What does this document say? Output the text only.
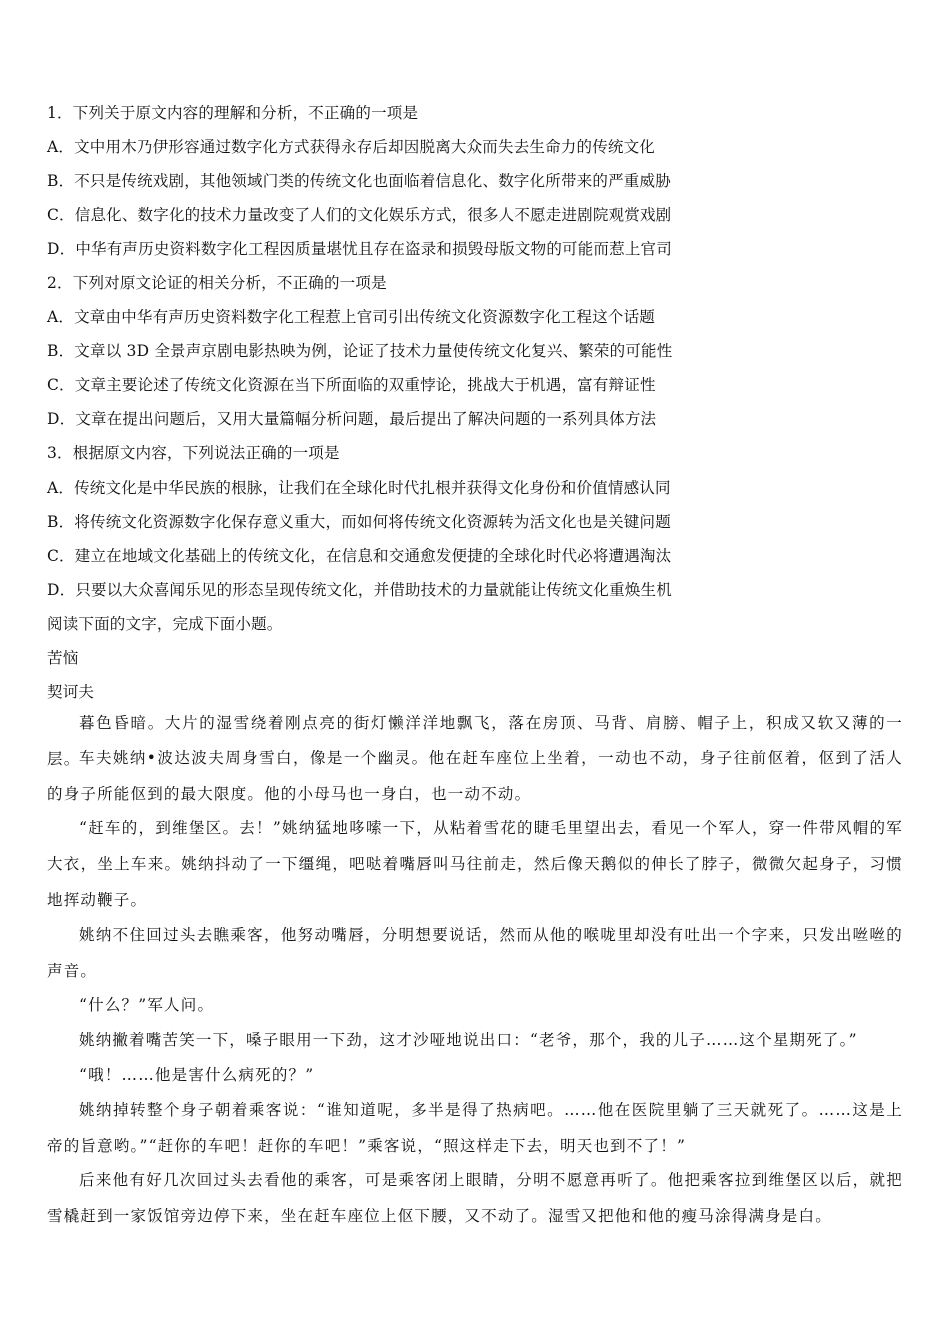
1．下列关于原文内容的理解和分析，不正确的一项是
A．文中用木乃伊形容通过数字化方式获得永存后却因脱离大众而失去生命力的传统文化
B．不只是传统戏剧，其他领域门类的传统文化也面临着信息化、数字化所带来的严重威胁
C．信息化、数字化的技术力量改变了人们的文化娱乐方式，很多人不愿走进剧院观赏戏剧
D．中华有声历史资料数字化工程因质量堪忧且存在盗录和损毁母版文物的可能而惹上官司
2．下列对原文论证的相关分析，不正确的一项是
A．文章由中华有声历史资料数字化工程惹上官司引出传统文化资源数字化工程这个话题
B．文章以 3D 全景声京剧电影热映为例，论证了技术力量使传统文化复兴、繁荣的可能性
C．文章主要论述了传统文化资源在当下所面临的双重悖论，挑战大于机遇，富有辩证性
D．文章在提出问题后，又用大量篇幅分析问题，最后提出了解决问题的一系列具体方法
3．根据原文内容，下列说法正确的一项是
A．传统文化是中华民族的根脉，让我们在全球化时代扎根并获得文化身份和价值情感认同
B．将传统文化资源数字化保存意义重大，而如何将传统文化资源转为活文化也是关键问题
C．建立在地域文化基础上的传统文化，在信息和交通愈发便捷的全球化时代必将遭遇淘汰
D．只要以大众喜闻乐见的形态呈现传统文化，并借助技术的力量就能让传统文化重焕生机
阅读下面的文字，完成下面小题。
苦恼
契诃夫

暮色昏暗。大片的湿雪绕着刚点亮的街灯懒洋洋地飘飞，落在房顶、马背、肩膀、帽子上，积成又软又薄的一层。

车夫姚纳•波达波夫周身雪白，像是一个幽灵。他在赶车座位上坐着，一动也不动，身子往前伛着，伛到了活人的身子所能伛到的最大限度。他的小母马也一身白，也一动不动。

“赶车的，到维堡区。去！”姚纳猛地哆嗦一下，从粘着雪花的睫毛里望出去，看见一个军人，穿一件带风帽的军大衣，坐上车来。姚纳抖动了一下缰绳，吧哒着嘴唇叫马往前走，然后像天鹅似的伸长了脖子，微微欠起身子，习惯地挥动鞭子。

姚纳不住回过头去瞧乘客，他努动嘴唇，分明想要说话，然而从他的喉咙里却没有吐出一个字来，只发出咝咝的声音。

“什么？”军人问。

姚纳撇着嘴苦笑一下，嗓子眼用一下劲，这才沙哑地说出口：“老爷，那个，我的儿子……这个星期死了。”

“哦！……他是害什么病死的？”

姚纳掉转整个身子朝着乘客说：“谁知道呢，多半是得了热病吧。……他在医院里躺了三天就死了。……这是上帝的旨意哟。”“赶你的车吧！赶你的车吧！”乘客说，“照这样走下去，明天也到不了！”

后来他有好几次回过头去看他的乘客，可是乘客闭上眼睛，分明不愿意再听了。他把乘客拉到维堡区以后，就把雪橇赶到一家饭馆旁边停下来，坐在赶车座位上伛下腰，又不动了。湿雪又把他和他的瘦马涂得满身是白。
